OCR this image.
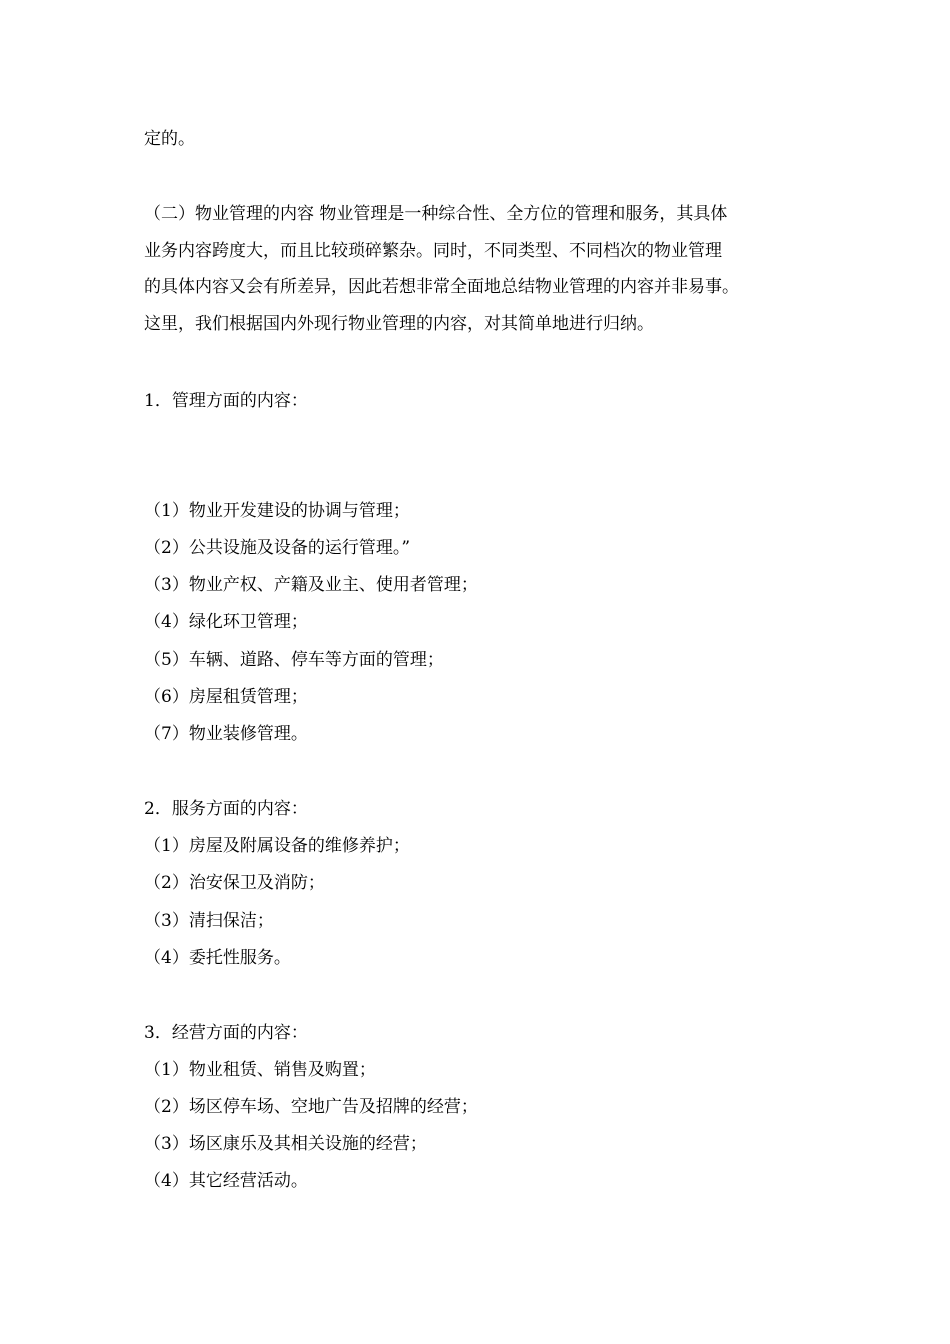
定的。

（二）物业管理的内容 物业管理是一种综合性、全方位的管理和服务，其具体

业务内容跨度大，而且比较琐碎繁杂。同时，不同类型、不同档次的物业管理

的具体内容又会有所差异，因此若想非常全面地总结物业管理的内容并非易事。

这里，我们根据国内外现行物业管理的内容，对其简单地进行归纳。

1．管理方面的内容：

（1）物业开发建设的协调与管理；

（2）公共设施及设备的运行管理。”

（3）物业产权、产籍及业主、使用者管理；

（4）绿化环卫管理；

（5）车辆、道路、停车等方面的管理；

（6）房屋租赁管理；

（7）物业装修管理。

2．服务方面的内容：

（1）房屋及附属设备的维修养护；

（2）治安保卫及消防；

（3）清扫保洁；

（4）委托性服务。

3．经营方面的内容：

（1）物业租赁、销售及购置；

（2）场区停车场、空地广告及招牌的经营；

（3）场区康乐及其相关设施的经营；

（4）其它经营活动。
